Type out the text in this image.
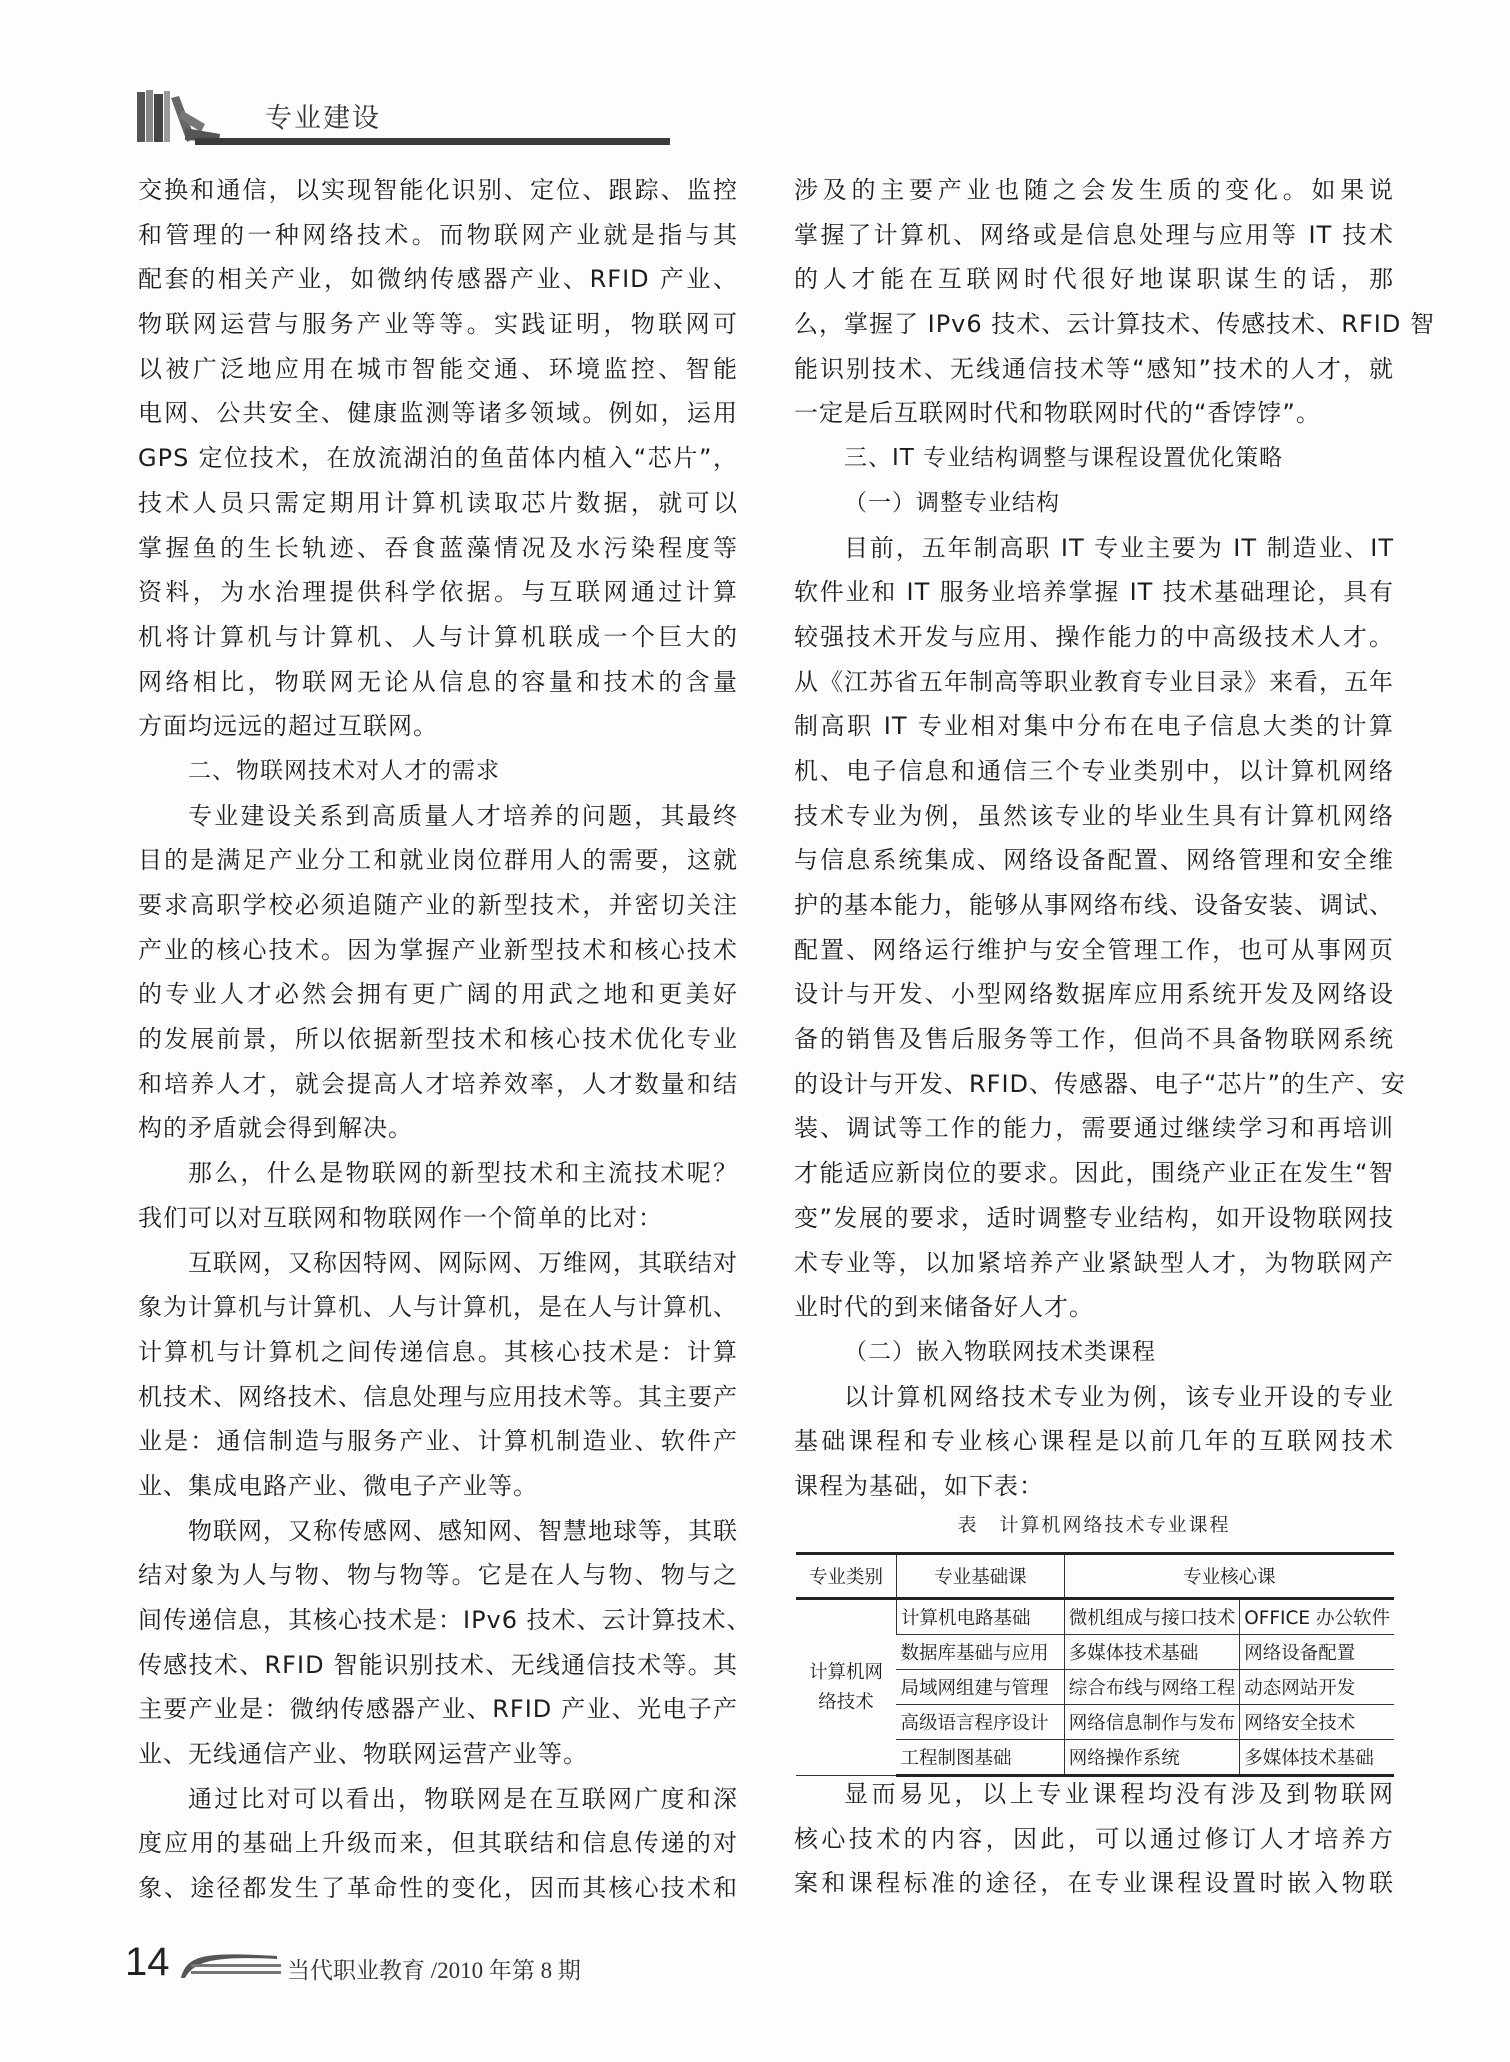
专业建设
交换和通信，以实现智能化识别、定位、跟踪、监控
和管理的一种网络技术。而物联网产业就是指与其
配套的相关产业，如微纳传感器产业、RFID 产业、
物联网运营与服务产业等等。实践证明，物联网可
以被广泛地应用在城市智能交通、环境监控、智能
电网、公共安全、健康监测等诸多领域。例如，运用
GPS 定位技术，在放流湖泊的鱼苗体内植入“芯片”，
技术人员只需定期用计算机读取芯片数据，就可以
掌握鱼的生长轨迹、吞食蓝藻情况及水污染程度等
资料，为水治理提供科学依据。与互联网通过计算
机将计算机与计算机、人与计算机联成一个巨大的
网络相比，物联网无论从信息的容量和技术的含量
方面均远远的超过互联网。
二、物联网技术对人才的需求
专业建设关系到高质量人才培养的问题，其最终
目的是满足产业分工和就业岗位群用人的需要，这就
要求高职学校必须追随产业的新型技术，并密切关注
产业的核心技术。因为掌握产业新型技术和核心技术
的专业人才必然会拥有更广阔的用武之地和更美好
的发展前景，所以依据新型技术和核心技术优化专业
和培养人才，就会提高人才培养效率，人才数量和结
构的矛盾就会得到解决。
那么，什么是物联网的新型技术和主流技术呢？
我们可以对互联网和物联网作一个简单的比对：
互联网，又称因特网、网际网、万维网，其联结对
象为计算机与计算机、人与计算机，是在人与计算机、
计算机与计算机之间传递信息。其核心技术是：计算
机技术、网络技术、信息处理与应用技术等。其主要产
业是：通信制造与服务产业、计算机制造业、软件产
业、集成电路产业、微电子产业等。
物联网，又称传感网、感知网、智慧地球等，其联
结对象为人与物、物与物等。它是在人与物、物与之
间传递信息，其核心技术是：IPv6 技术、云计算技术、
传感技术、RFID 智能识别技术、无线通信技术等。其
主要产业是：微纳传感器产业、RFID 产业、光电子产
业、无线通信产业、物联网运营产业等。
通过比对可以看出，物联网是在互联网广度和深
度应用的基础上升级而来，但其联结和信息传递的对
象、途径都发生了革命性的变化，因而其核心技术和
涉及的主要产业也随之会发生质的变化。如果说
掌握了计算机、网络或是信息处理与应用等 IT 技术
的人才能在互联网时代很好地谋职谋生的话，那
么，掌握了 IPv6 技术、云计算技术、传感技术、RFID 智
能识别技术、无线通信技术等“感知”技术的人才，就
一定是后互联网时代和物联网时代的“香饽饽”。
三、IT 专业结构调整与课程设置优化策略
（一）调整专业结构
目前，五年制高职 IT 专业主要为 IT 制造业、IT
软件业和 IT 服务业培养掌握 IT 技术基础理论，具有
较强技术开发与应用、操作能力的中高级技术人才。
从《江苏省五年制高等职业教育专业目录》来看，五年
制高职 IT 专业相对集中分布在电子信息大类的计算
机、电子信息和通信三个专业类别中，以计算机网络
技术专业为例，虽然该专业的毕业生具有计算机网络
与信息系统集成、网络设备配置、网络管理和安全维
护的基本能力，能够从事网络布线、设备安装、调试、
配置、网络运行维护与安全管理工作，也可从事网页
设计与开发、小型网络数据库应用系统开发及网络设
备的销售及售后服务等工作，但尚不具备物联网系统
的设计与开发、RFID、传感器、电子“芯片”的生产、安
装、调试等工作的能力，需要通过继续学习和再培训
才能适应新岗位的要求。因此，围绕产业正在发生“智
变”发展的要求，适时调整专业结构，如开设物联网技
术专业等，以加紧培养产业紧缺型人才，为物联网产
业时代的到来储备好人才。
（二）嵌入物联网技术类课程
以计算机网络技术专业为例，该专业开设的专业
基础课程和专业核心课程是以前几年的互联网技术
课程为基础，如下表：
表　计算机网络技术专业课程
专业类别	专业基础课	专业核心课	
计算机网络技术	计算机电路基础	微机组成与接口技术	OFFICE 办公软件
	数据库基础与应用	多媒体技术基础	网络设备配置
	局域网组建与管理	综合布线与网络工程	动态网站开发
	高级语言程序设计	网络信息制作与发布	网络安全技术
	工程制图基础	网络操作系统	多媒体技术基础
显而易见，以上专业课程均没有涉及到物联网
核心技术的内容，因此，可以通过修订人才培养方
案和课程标准的途径，在专业课程设置时嵌入物联
14	当代职业教育 /2010 年第 8 期
